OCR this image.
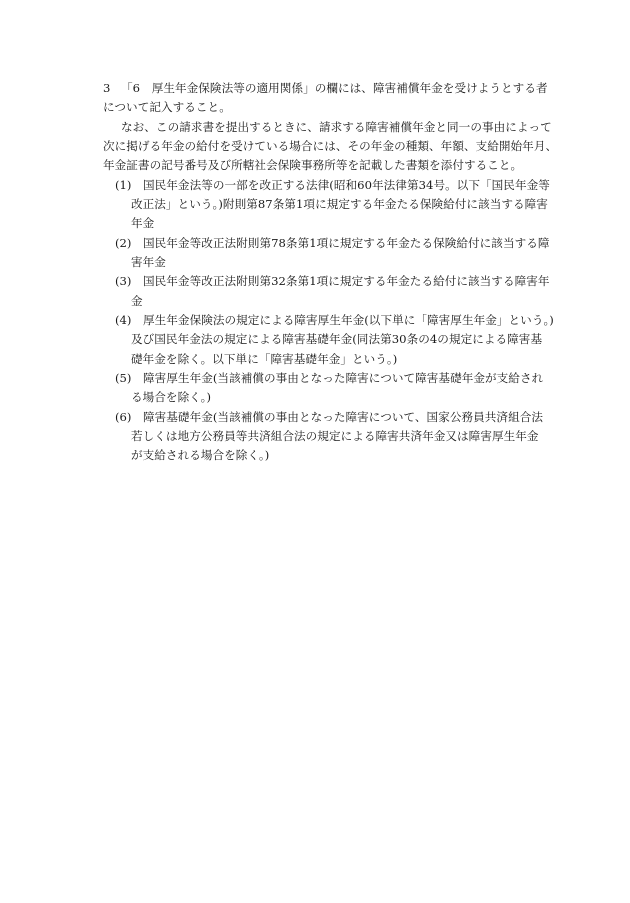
3 「6　厚生年金保険法等の適用関係」の欄には、障害補償年金を受けようとする者
について記入すること。
なお、この請求書を提出するときに、請求する障害補償年金と同一の事由によって
次に掲げる年金の給付を受けている場合には、その年金の種類、年額、支給開始年月、
年金証書の記号番号及び所轄社会保険事務所等を記載した書類を添付すること。
(1) 国民年金法等の一部を改正する法律(昭和60年法律第34号。以下「国民年金等
改正法」という。)附則第87条第1項に規定する年金たる保険給付に該当する障害
年金
(2) 国民年金等改正法附則第78条第1項に規定する年金たる保険給付に該当する障
害年金
(3) 国民年金等改正法附則第32条第1項に規定する年金たる給付に該当する障害年
金
(4) 厚生年金保険法の規定による障害厚生年金(以下単に「障害厚生年金」という。)
及び国民年金法の規定による障害基礎年金(同法第30条の4の規定による障害基
礎年金を除く。以下単に「障害基礎年金」という。)
(5) 障害厚生年金(当該補償の事由となった障害について障害基礎年金が支給され
る場合を除く。)
(6) 障害基礎年金(当該補償の事由となった障害について、国家公務員共済組合法
若しくは地方公務員等共済組合法の規定による障害共済年金又は障害厚生年金
が支給される場合を除く。)
